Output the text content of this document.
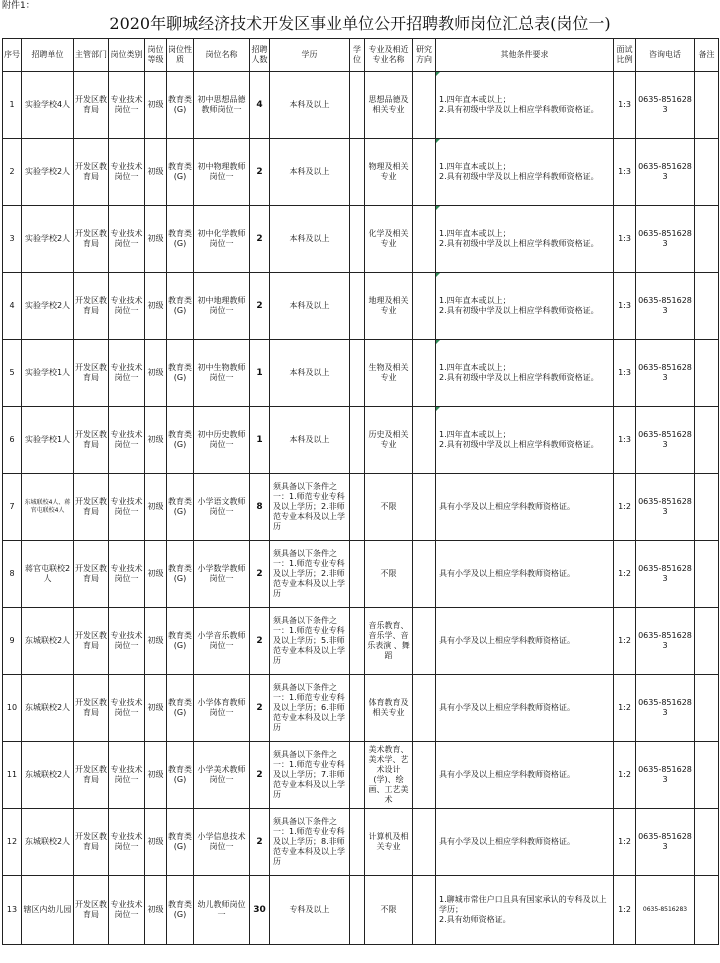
附件1：
2020年聊城经济技术开发区事业单位公开招聘教师岗位汇总表(岗位一)
序号	招聘单位	主管部门	岗位类别	岗位等级	岗位性质	岗位名称	招聘人数	学历	学位	专业及相近专业名称	研究方向	其他条件要求	面试比例	咨询电话	备注
1	实验学校4人	开发区教育局	专业技术岗位一	初级	教育类(G)	初中思想品德教师岗位一	4	本科及以上		思想品德及相关专业		1.四年直本或以上；
2.具有初级中学及以上相应学科教师资格证。	1:3	0635-8516283	
2	实验学校2人	开发区教育局	专业技术岗位一	初级	教育类(G)	初中物理教师岗位一	2	本科及以上		物理及相关专业		1.四年直本或以上；
2.具有初级中学及以上相应学科教师资格证。	1:3	0635-8516283	
3	实验学校2人	开发区教育局	专业技术岗位一	初级	教育类(G)	初中化学教师岗位一	2	本科及以上		化学及相关专业		1.四年直本或以上；
2.具有初级中学及以上相应学科教师资格证。	1:3	0635-8516283	
4	实验学校2人	开发区教育局	专业技术岗位一	初级	教育类(G)	初中地理教师岗位一	2	本科及以上		地理及相关专业		1.四年直本或以上；
2.具有初级中学及以上相应学科教师资格证。	1:3	0635-8516283	
5	实验学校1人	开发区教育局	专业技术岗位一	初级	教育类(G)	初中生物教师岗位一	1	本科及以上		生物及相关专业		1.四年直本或以上；
2.具有初级中学及以上相应学科教师资格证。	1:3	0635-8516283	
6	实验学校1人	开发区教育局	专业技术岗位一	初级	教育类(G)	初中历史教师岗位一	1	本科及以上		历史及相关专业		1.四年直本或以上；
2.具有初级中学及以上相应学科教师资格证。	1:3	0635-8516283	
7	东城联校4人、蒋官屯联校4人	开发区教育局	专业技术岗位一	初级	教育类(G)	小学语文教师岗位一	8	须具备以下条件之一：1.师范专业专科及以上学历；2.非师范专业本科及以上学历		不限		具有小学及以上相应学科教师资格证。	1:2	0635-8516283	
8	蒋官屯联校2人	开发区教育局	专业技术岗位一	初级	教育类(G)	小学数学教师岗位一	2	须具备以下条件之一：1.师范专业专科及以上学历；2.非师范专业本科及以上学历		不限		具有小学及以上相应学科教师资格证。	1:2	0635-8516283	
9	东城联校2人	开发区教育局	专业技术岗位一	初级	教育类(G)	小学音乐教师岗位一	2	须具备以下条件之一：1.师范专业专科及以上学历；5.非师范专业本科及以上学历		音乐教育、音乐学、音乐表演 、舞蹈		具有小学及以上相应学科教师资格证。	1:2	0635-8516283	
10	东城联校2人	开发区教育局	专业技术岗位一	初级	教育类(G)	小学体育教师岗位一	2	须具备以下条件之一：1.师范专业专科及以上学历；6.非师范专业本科及以上学历		体育教育及相关专业		具有小学及以上相应学科教师资格证。	1:2	0635-8516283	
11	东城联校2人	开发区教育局	专业技术岗位一	初级	教育类(G)	小学美术教师岗位一	2	须具备以下条件之一：1.师范专业专科及以上学历；7.非师范专业本科及以上学历		美术教育、美术学、艺术设计(学)、绘画、工艺美术		具有小学及以上相应学科教师资格证。	1:2	0635-8516283	
12	东城联校2人	开发区教育局	专业技术岗位一	初级	教育类(G)	小学信息技术岗位一	2	须具备以下条件之一：1.师范专业专科及以上学历；8.非师范专业本科及以上学历		计算机及相关专业		具有小学及以上相应学科教师资格证。	1:2	0635-8516283	
13	辖区内幼儿园	开发区教育局	专业技术岗位一	初级	教育类(G)	幼儿教师岗位一	30	专科及以上		不限		1.聊城市常住户口且具有国家承认的专科及以上学历；
2.具有幼师资格证。	1:2	0635-8516283	
